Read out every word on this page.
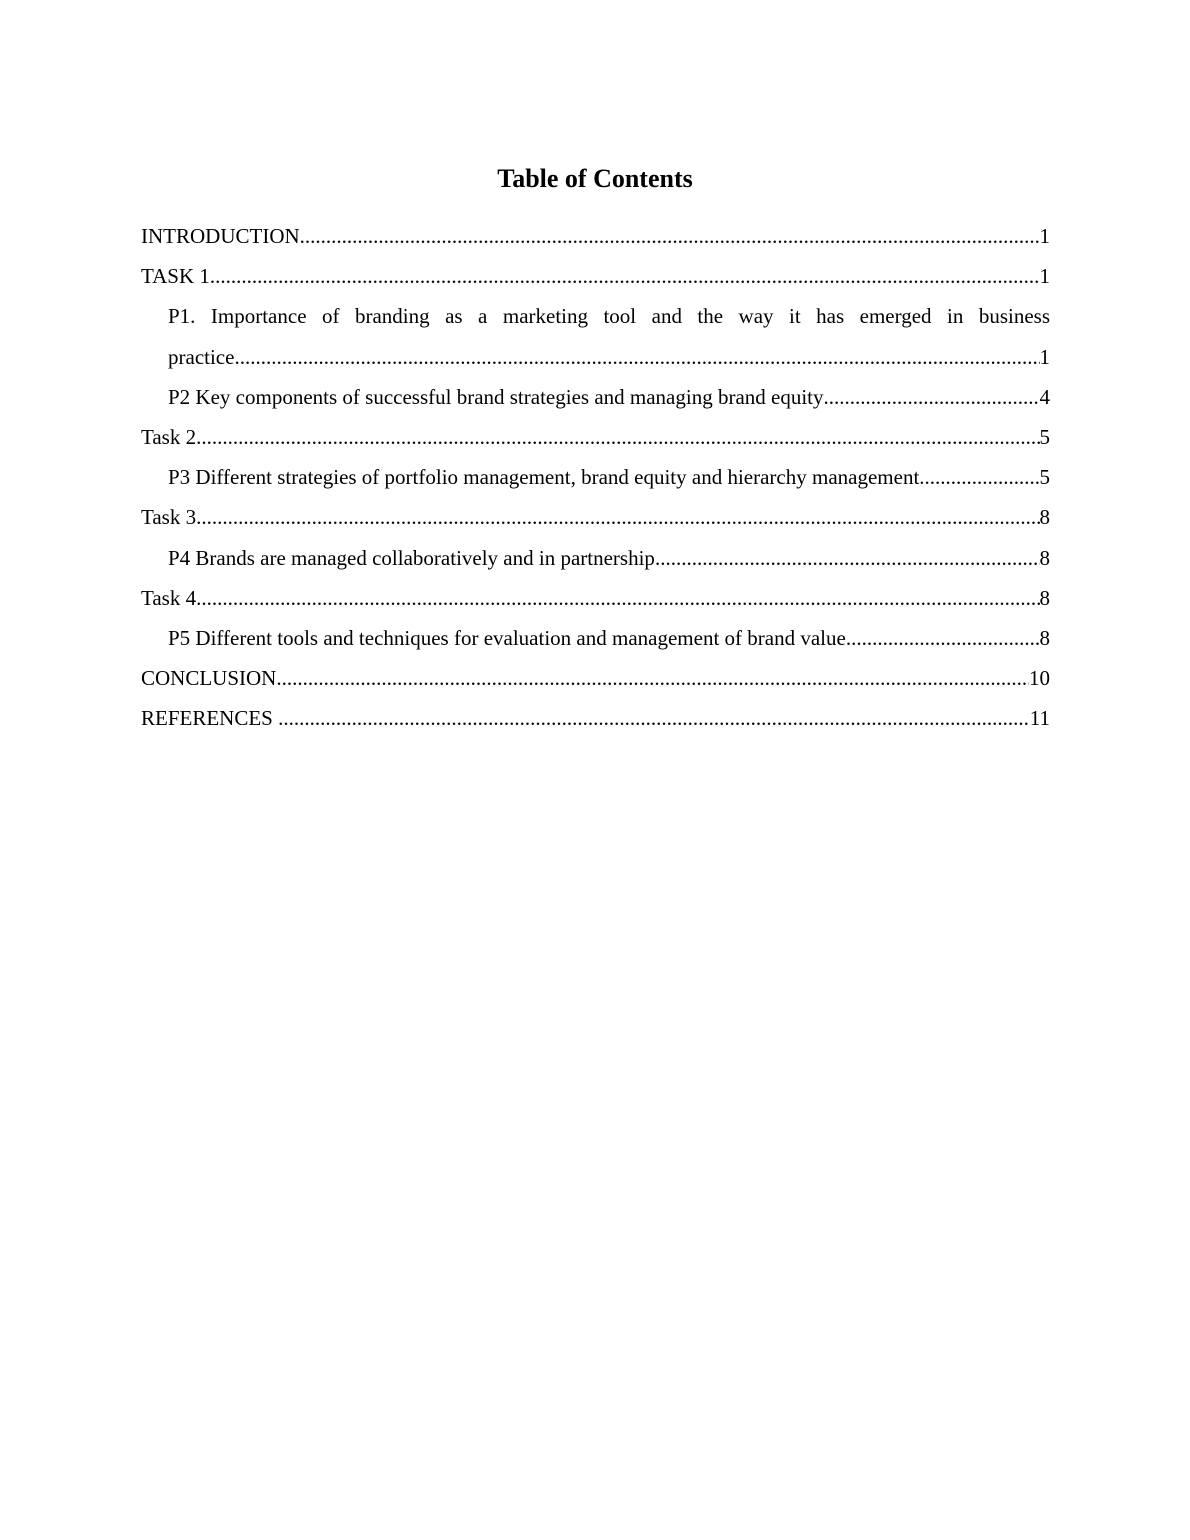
Table of Contents
INTRODUCTION .....	1
TASK 1 .....	1
P1. Importance of branding as a marketing tool and the way it has emerged in business
practice .....	1
P2 Key components of successful brand strategies and managing brand equity .....	4
Task 2 .....	5
P3 Different strategies of portfolio management, brand equity and hierarchy management .....	5
Task 3 .....	8
P4 Brands are managed collaboratively and in partnership .....	8
Task 4 .....	8
P5 Different tools and techniques for evaluation and management of brand value .....	8
CONCLUSION .....	10
REFERENCES .....	11
